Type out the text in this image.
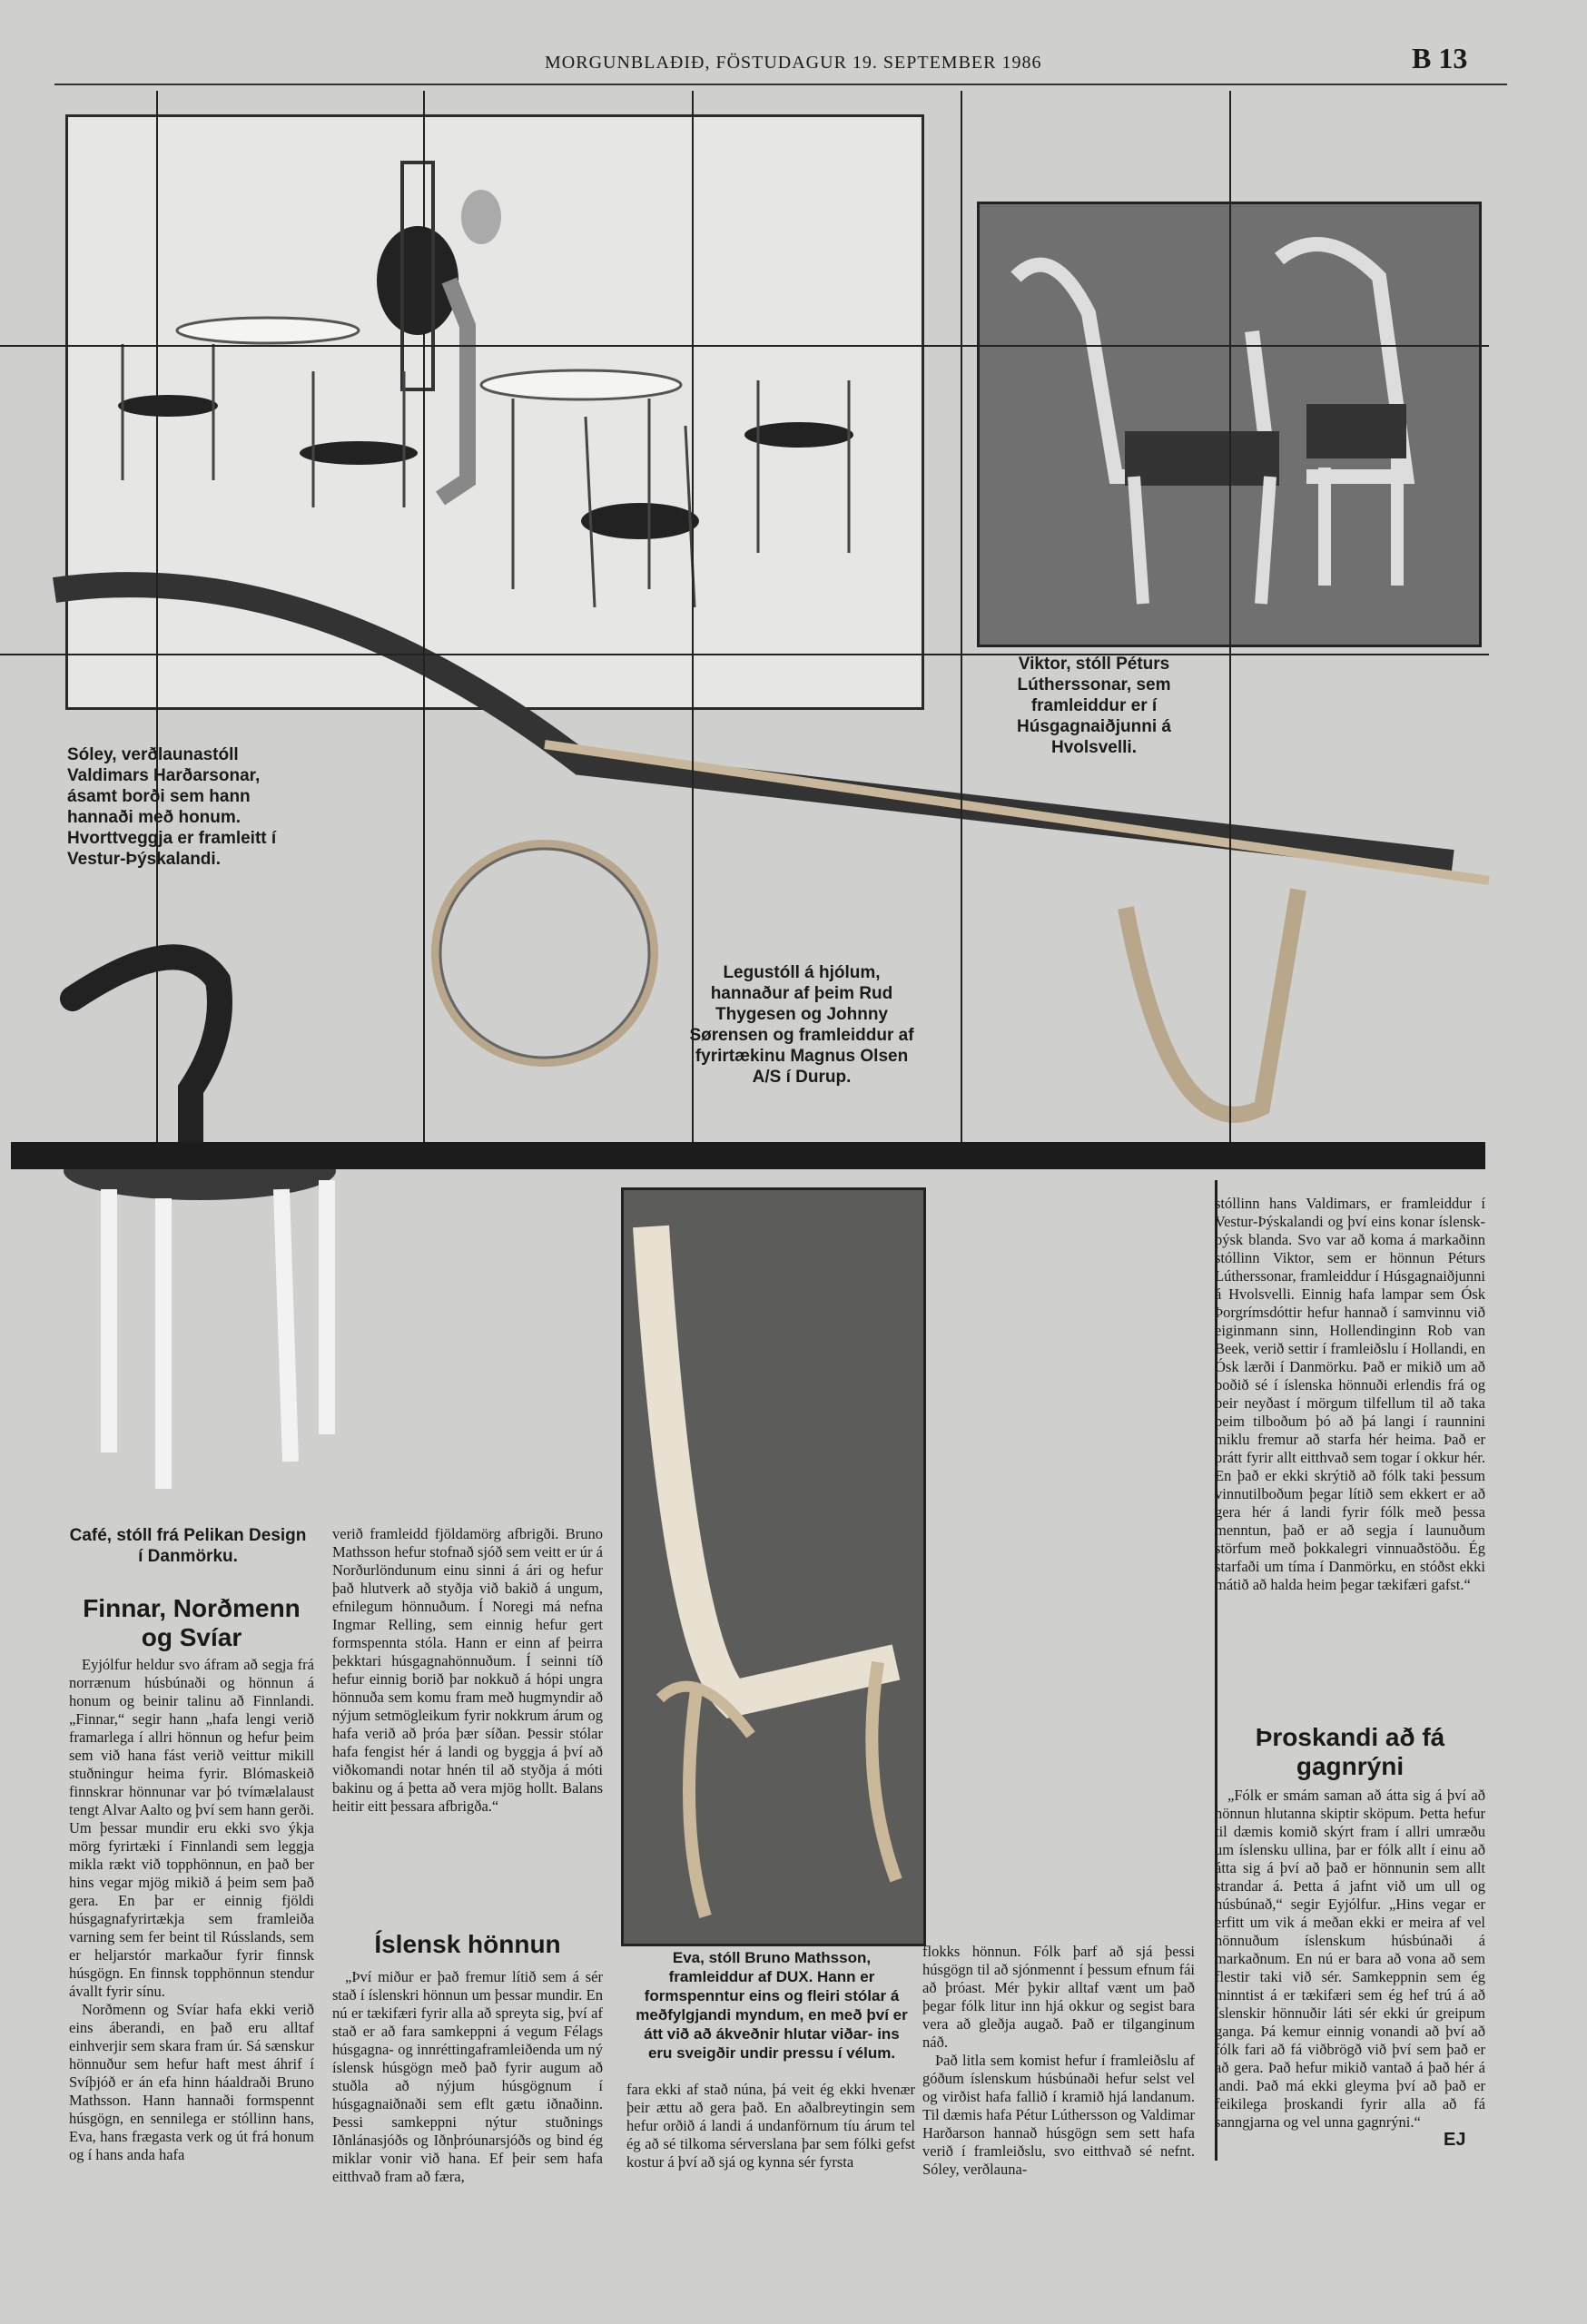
MORGUNBLAÐIÐ, FÖSTUDAGUR 19. SEPTEMBER 1986	B 13
Sóley, verðlaunastóll Valdimars Harðarsonar, ásamt borði sem hann hannaði með honum. Hvorttveggja er framleitt í Vestur-Þýskalandi.
Viktor, stóll Péturs Lútherssonar, sem framleiddur er í Húsgagnaiðjunni á Hvolsvelli.
Legustóll á hjólum, hannaður af þeim Rud Thygesen og Johnny Sørensen og framleiddur af fyrirtækinu Magnus Olsen A/S í Durup.
Café, stóll frá Pelikan Design í Danmörku.
Eva, stóll Bruno Mathsson, framleiddur af DUX. Hann er formspenntur eins og fleiri stólar á meðfylgjandi myndum, en með því er átt við að ákveðnir hlutar viðar- ins eru sveigðir undir pressu í vélum.
Finnar, Norðmenn og Svíar

Eyjólfur heldur svo áfram að segja frá norrænum húsbúnaði og hönnun á honum og beinir talinu að Finnlandi. „Finnar,“ segir hann „hafa lengi verið framarlega í allri hönnun og hefur þeim sem við hana fást verið veittur mikill stuðningur heima fyrir. Blómaskeið finnskrar hönnunar var þó tvímælalaust tengt Alvar Aalto og því sem hann gerði. Um þessar mundir eru ekki svo ýkja mörg fyrirtæki í Finnlandi sem leggja mikla rækt við topphönnun, en það ber hins vegar mjög mikið á þeim sem það gera. En þar er einnig fjöldi húsgagnafyrirtækja sem framleiða varning sem fer beint til Rússlands, sem er heljarstór markaður fyrir finnsk húsgögn. En finnsk topphönnun stendur ávallt fyrir sínu.

Norðmenn og Svíar hafa ekki verið eins áberandi, en það eru alltaf einhverjir sem skara fram úr. Sá sænskur hönnuður sem hefur haft mest áhrif í Svíþjóð er án efa hinn háaldraði Bruno Mathsson. Hann hannaði formspennt húsgögn, en sennilega er stóllinn hans, Eva, hans frægasta verk og út frá honum og í hans anda hafa

verið framleidd fjöldamörg afbrigði. Bruno Mathsson hefur stofnað sjóð sem veitt er úr á Norðurlöndunum einu sinni á ári og hefur það hlutverk að styðja við bakið á ungum, efnilegum hönnuðum. Í Noregi má nefna Ingmar Relling, sem einnig hefur gert formspennta stóla. Hann er einn af þeirra þekktari húsgagnahönnuðum. Í seinni tíð hefur einnig borið þar nokkuð á hópi ungra hönnuða sem komu fram með hugmyndir að nýjum setmögleikum fyrir nokkrum árum og hafa verið að þróa þær síðan. Þessir stólar hafa fengist hér á landi og byggja á því að viðkomandi notar hnén til að styðja á móti bakinu og á þetta að vera mjög hollt. Balans heitir eitt þessara afbrigða.“

Íslensk hönnun

„Því miður er það fremur lítið sem á sér stað í íslenskri hönnun um þessar mundir. En nú er tækifæri fyrir alla að spreyta sig, því af stað er að fara samkeppni á vegum Félags húsgagna- og innréttingaframleiðenda um ný íslensk húsgögn með það fyrir augum að stuðla að nýjum húsgögnum í húsgagnaiðnaði sem eflt gætu iðnaðinn. Þessi samkeppni nýtur stuðnings Iðnlánasjóðs og Iðnþróunarsjóðs og bind ég miklar vonir við hana. Ef þeir sem hafa eitthvað fram að færa,

fara ekki af stað núna, þá veit ég ekki hvenær þeir ættu að gera það. En aðalbreytingin sem hefur orðið á landi á undanförnum tíu árum tel ég að sé tilkoma sérverslana þar sem fólki gefst kostur á því að sjá og kynna sér fyrsta

flokks hönnun. Fólk þarf að sjá þessi húsgögn til að sjónmennt í þessum efnum fái að þróast. Mér þykir alltaf vænt um það þegar fólk litur inn hjá okkur og segist bara vera að gleðja augað. Það er tilganginum náð.

Það litla sem komist hefur í framleiðslu af góðum íslenskum húsbúnaði hefur selst vel og virðist hafa fallið í kramið hjá landanum. Til dæmis hafa Pétur Lúthersson og Valdimar Harðarson hannað húsgögn sem sett hafa verið í framleiðslu, svo eitthvað sé nefnt. Sóley, verðlauna-

stóllinn hans Valdimars, er framleiddur í Vestur-Þýskalandi og því eins konar íslensk-þýsk blanda. Svo var að koma á markaðinn stóllinn Viktor, sem er hönnun Péturs Lútherssonar, framleiddur í Húsgagnaiðjunni á Hvolsvelli. Einnig hafa lampar sem Ósk Þorgrímsdóttir hefur hannað í samvinnu við eiginmann sinn, Hollendinginn Rob van Beek, verið settir í framleiðslu í Hollandi, en Ósk lærði í Danmörku. Það er mikið um að boðið sé í íslenska hönnuði erlendis frá og þeir neyðast í mörgum tilfellum til að taka þeim tilboðum þó að þá langi í raunnini miklu fremur að starfa hér heima. Það er þrátt fyrir allt eitthvað sem togar í okkur hér. En það er ekki skrýtið að fólk taki þessum vinnutilboðum þegar lítið sem ekkert er að gera hér á landi fyrir fólk með þessa menntun, það er að segja í launuðum störfum með þokkalegri vinnuaðstöðu. Ég starfaði um tíma í Danmörku, en stóðst ekki mátið að halda heim þegar tækifæri gafst.“

Þroskandi að fá gagnrýni

„Fólk er smám saman að átta sig á því að hönnun hlutanna skiptir sköpum. Þetta hefur til dæmis komið skýrt fram í allri umræðu um íslensku ullina, þar er fólk allt í einu að átta sig á því að það er hönnunin sem allt strandar á. Þetta á jafnt við um ull og húsbúnað,“ segir Eyjólfur. „Hins vegar er erfitt um vik á meðan ekki er meira af vel hönnuðum íslenskum húsbúnaði á markaðnum. En nú er bara að vona að sem flestir taki við sér. Samkeppnin sem ég minntist á er tækifæri sem ég hef trú á að íslenskir hönnuðir láti sér ekki úr greipum ganga. Þá kemur einnig vonandi að því að fólk fari að fá viðbrögð við því sem það er að gera. Það hefur mikið vantað á það hér á landi. Það má ekki gleyma því að það er feikilega þroskandi fyrir alla að fá sanngjarna og vel unna gagnrýni.“

EJ
